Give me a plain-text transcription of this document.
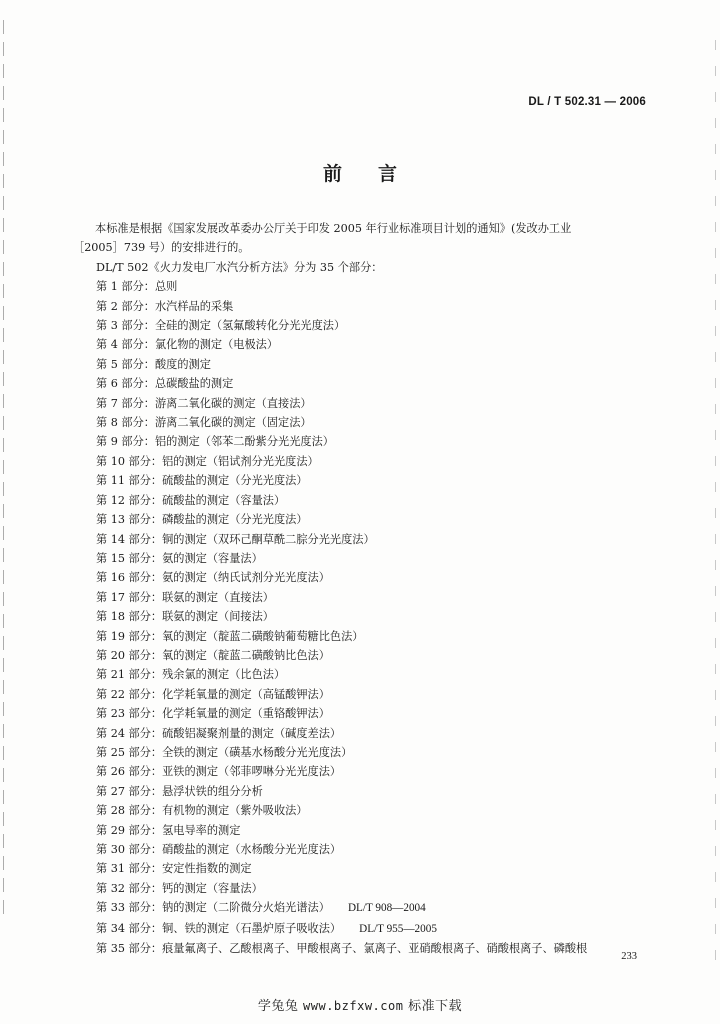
DL / T 502.31 — 2006
前言

本标准是根据《国家发展改革委办公厅关于印发 2005 年行业标准项目计划的通知》(发改办工业

［2005］739 号）的安排进行的。

DL/T 502《火力发电厂水汽分析方法》分为 35 个部分：

第 1 部分：总则
第 2 部分：水汽样品的采集
第 3 部分：全硅的测定（氢氟酸转化分光光度法）
第 4 部分：氯化物的测定（电极法）
第 5 部分：酸度的测定
第 6 部分：总碳酸盐的测定
第 7 部分：游离二氧化碳的测定（直接法）
第 8 部分：游离二氧化碳的测定（固定法）
第 9 部分：铝的测定（邻苯二酚紫分光光度法）
第 10 部分：铝的测定（铝试剂分光光度法）
第 11 部分：硫酸盐的测定（分光光度法）
第 12 部分：硫酸盐的测定（容量法）
第 13 部分：磷酸盐的测定（分光光度法）
第 14 部分：铜的测定（双环己酮草酰二腙分光光度法）
第 15 部分：氨的测定（容量法）
第 16 部分：氨的测定（纳氏试剂分光光度法）
第 17 部分：联氨的测定（直接法）
第 18 部分：联氨的测定（间接法）
第 19 部分：氧的测定（靛蓝二磺酸钠葡萄糖比色法）
第 20 部分：氧的测定（靛蓝二磺酸钠比色法）
第 21 部分：残余氯的测定（比色法）
第 22 部分：化学耗氧量的测定（高锰酸钾法）
第 23 部分：化学耗氧量的测定（重铬酸钾法）
第 24 部分：硫酸铝凝聚剂量的测定（碱度差法）
第 25 部分：全铁的测定（磺基水杨酸分光光度法）
第 26 部分：亚铁的测定（邻菲啰啉分光光度法）
第 27 部分：悬浮状铁的组分分析
第 28 部分：有机物的测定（紫外吸收法）
第 29 部分：氢电导率的测定
第 30 部分：硝酸盐的测定（水杨酸分光光度法）
第 31 部分：安定性指数的测定
第 32 部分：钙的测定（容量法）
第 33 部分：钠的测定（二阶微分火焰光谱法） DL/T 908—2004
第 34 部分：铜、铁的测定（石墨炉原子吸收法） DL/T 955—2005
第 35 部分：痕量氟离子、乙酸根离子、甲酸根离子、氯离子、亚硝酸根离子、硝酸根离子、磷酸根
233
学兔兔 www.bzfxw.com 标准下载
